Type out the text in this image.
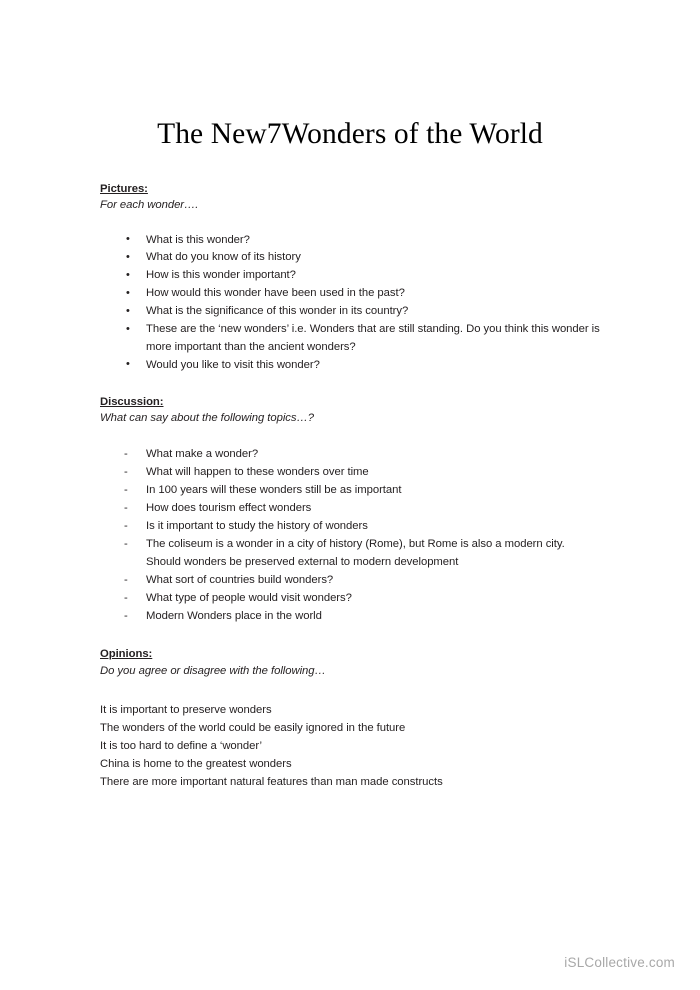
The New7Wonders of the World
Pictures:
For each wonder….
• What is this wonder?
• What do you know of its history
• How is this wonder important?
• How would this wonder have been used in the past?
• What is the significance of this wonder in its country?
• These are the ‘new wonders’ i.e. Wonders that are still standing. Do you think this wonder is more important than the ancient wonders?
• Would you like to visit this wonder?
Discussion:
What can say about the following topics…?
- What make a wonder?
- What will happen to these wonders over time
- In 100 years will these wonders still be as important
- How does tourism effect wonders
- Is it important to study the history of wonders
- The coliseum is a wonder in a city of history (Rome), but Rome is also a modern city. Should wonders be preserved external to modern development
- What sort of countries build wonders?
- What type of people would visit wonders?
- Modern Wonders place in the world
Opinions:
Do you agree or disagree with the following…
It is important to preserve wonders
The wonders of the world could be easily ignored in the future
It is too hard to define a ‘wonder’
China is home to the greatest wonders
There are more important natural features than man made constructs
iSLCollective.com
